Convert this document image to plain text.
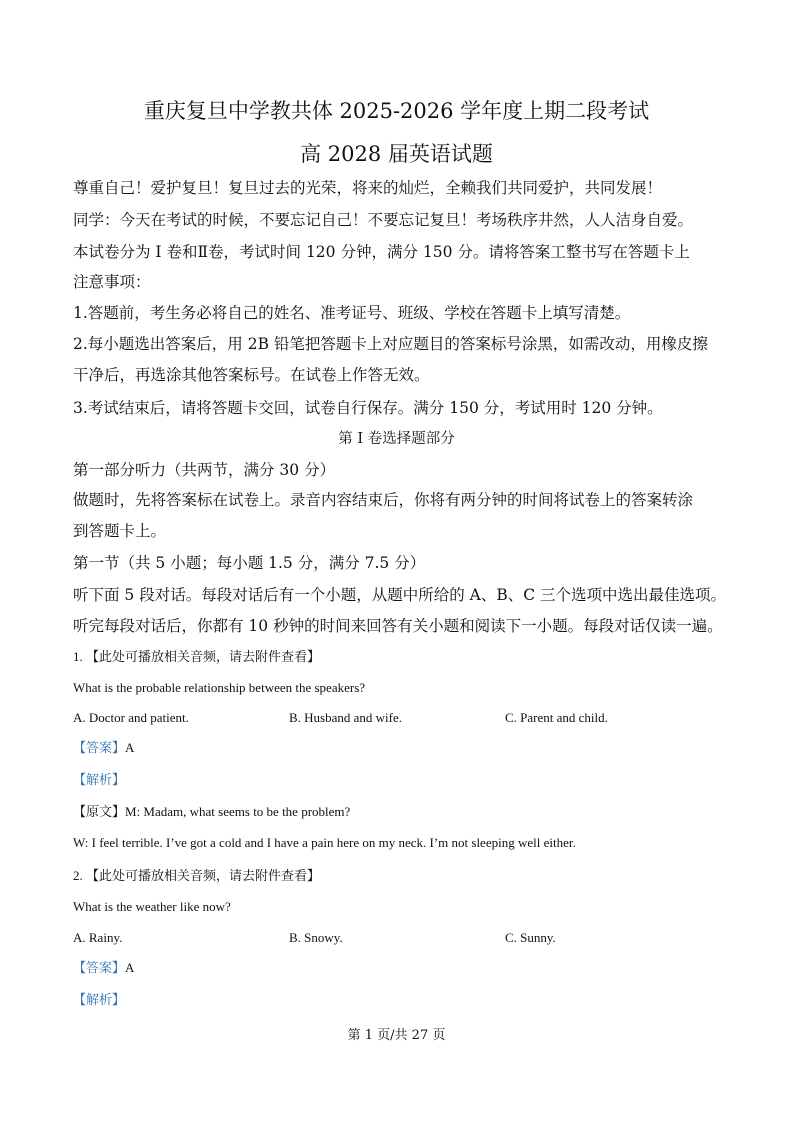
重庆复旦中学教共体 2025-2026 学年度上期二段考试
高 2028 届英语试题
尊重自己！爱护复旦！复旦过去的光荣，将来的灿烂，全赖我们共同爱护，共同发展！
同学：今天在考试的时候，不要忘记自己！不要忘记复旦！考场秩序井然，人人洁身自爱。
本试卷分为 I 卷和Ⅱ卷，考试时间 120 分钟，满分 150 分。请将答案工整书写在答题卡上
注意事项：
1.答题前，考生务必将自己的姓名、准考证号、班级、学校在答题卡上填写清楚。
2.每小题选出答案后，用 2B 铅笔把答题卡上对应题目的答案标号涂黑，如需改动，用橡皮擦
干净后，再选涂其他答案标号。在试卷上作答无效。
3.考试结束后，请将答题卡交回，试卷自行保存。满分 150 分，考试用时 120 分钟。
第 I 卷选择题部分
第一部分听力（共两节，满分 30 分）
做题时，先将答案标在试卷上。录音内容结束后，你将有两分钟的时间将试卷上的答案转涂
到答题卡上。
第一节（共 5 小题；每小题 1.5 分，满分 7.5 分）
听下面 5 段对话。每段对话后有一个小题，从题中所给的 A、B、C 三个选项中选出最佳选项。
听完每段对话后，你都有 10 秒钟的时间来回答有关小题和阅读下一小题。每段对话仅读一遍。
1. 【此处可播放相关音频，请去附件查看】
What is the probable relationship between the speakers?
A. Doctor and patient.	B. Husband and wife.	C. Parent and child.
【答案】A
【解析】
【原文】M: Madam, what seems to be the problem?
W: I feel terrible. I’ve got a cold and I have a pain here on my neck. I’m not sleeping well either.
2. 【此处可播放相关音频，请去附件查看】
What is the weather like now?
A. Rainy.	B. Snowy.	C. Sunny.
【答案】A
【解析】
第 1 页/共 27 页
